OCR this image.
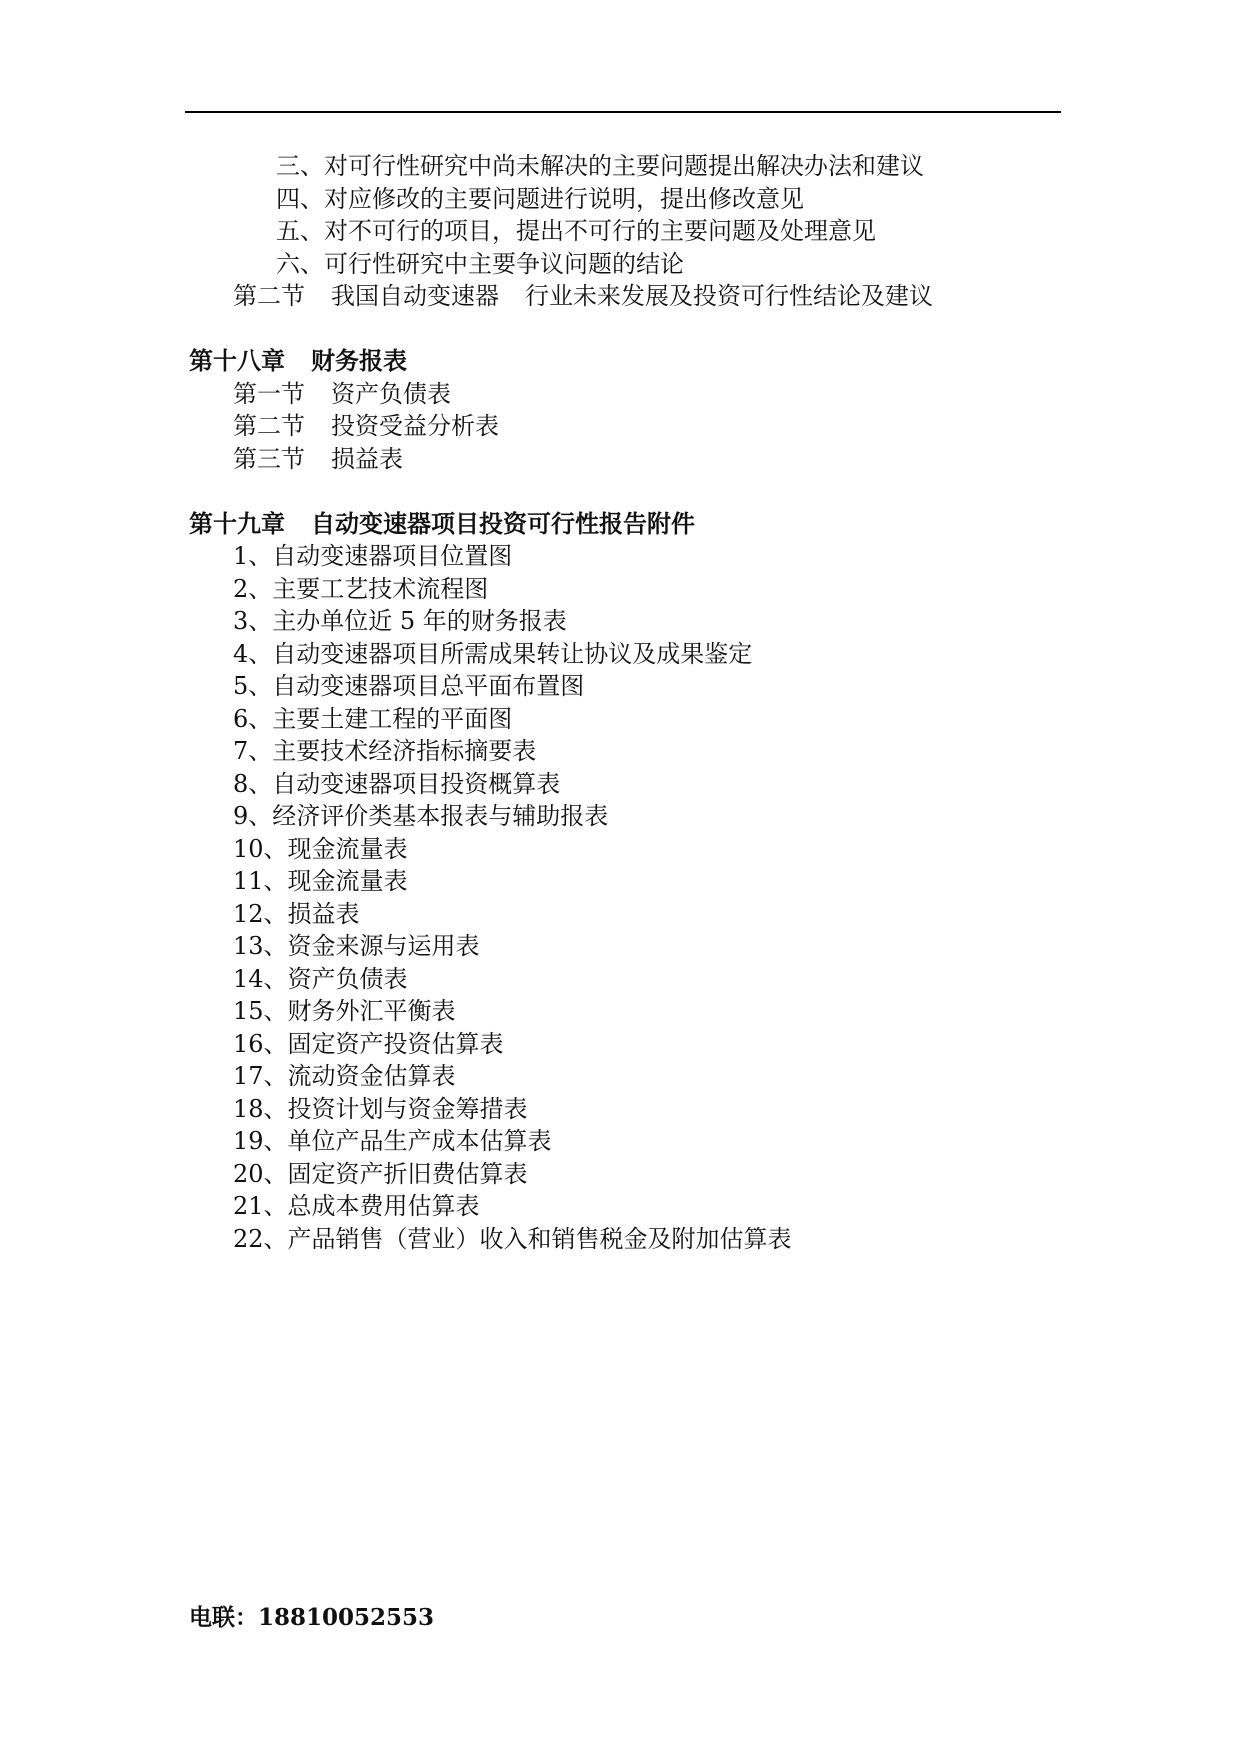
三、对可行性研究中尚未解决的主要问题提出解决办法和建议
四、对应修改的主要问题进行说明，提出修改意见
五、对不可行的项目，提出不可行的主要问题及处理意见
六、可行性研究中主要争议问题的结论
第二节 我国自动变速器 行业未来发展及投资可行性结论及建议
第十八章 财务报表
第一节 资产负债表
第二节 投资受益分析表
第三节 损益表
第十九章 自动变速器项目投资可行性报告附件
1、自动变速器项目位置图
2、主要工艺技术流程图
3、主办单位近 5 年的财务报表
4、自动变速器项目所需成果转让协议及成果鉴定
5、自动变速器项目总平面布置图
6、主要土建工程的平面图
7、主要技术经济指标摘要表
8、自动变速器项目投资概算表
9、经济评价类基本报表与辅助报表
10、现金流量表
11、现金流量表
12、损益表
13、资金来源与运用表
14、资产负债表
15、财务外汇平衡表
16、固定资产投资估算表
17、流动资金估算表
18、投资计划与资金筹措表
19、单位产品生产成本估算表
20、固定资产折旧费估算表
21、总成本费用估算表
22、产品销售（营业）收入和销售税金及附加估算表
电联：18810052553
